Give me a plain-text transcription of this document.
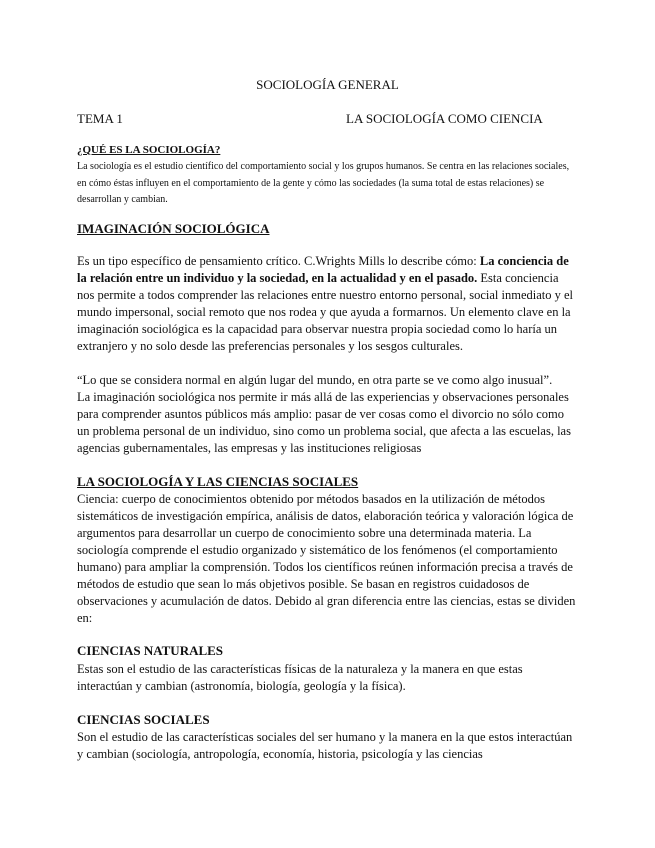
SOCIOLOGÍA GENERAL
TEMA 1	LA SOCIOLOGÍA COMO CIENCIA
¿QUÉ ES LA SOCIOLOGÍA?
La sociología es el estudio científico del comportamiento social y los grupos humanos. Se centra en las relaciones sociales, en cómo éstas influyen en el comportamiento de la gente y cómo las sociedades (la suma total de estas relaciones) se desarrollan y cambian.
IMAGINACIÓN SOCIOLÓGICA
Es un tipo específico de pensamiento crítico. C.Wrights Mills lo describe cómo: La conciencia de la relación entre un individuo y la sociedad, en la actualidad y en el pasado. Esta conciencia nos permite a todos comprender las relaciones entre nuestro entorno personal, social inmediato y el mundo impersonal, social remoto que nos rodea y que ayuda a formarnos. Un elemento clave en la imaginación sociológica es la capacidad para observar nuestra propia sociedad como lo haría un extranjero y no solo desde las preferencias personales y los sesgos culturales.
“Lo que se considera normal en algún lugar del mundo, en otra parte se ve como algo inusual”.
La imaginación sociológica nos permite ir más allá de las experiencias y observaciones personales para comprender asuntos públicos más amplio: pasar de ver cosas como el divorcio no sólo como un problema personal de un individuo, sino como un problema social, que afecta a las escuelas, las agencias gubernamentales, las empresas y las instituciones religiosas
LA SOCIOLOGÍA Y LAS CIENCIAS SOCIALES
Ciencia: cuerpo de conocimientos obtenido por métodos basados en la utilización de métodos sistemáticos de investigación empírica, análisis de datos, elaboración teórica y valoración lógica de argumentos para desarrollar un cuerpo de conocimiento sobre una determinada materia. La sociología comprende el estudio organizado y sistemático de los fenómenos (el comportamiento humano) para ampliar la comprensión. Todos los científicos reúnen información precisa a través de métodos de estudio que sean lo más objetivos posible. Se basan en registros cuidadosos de observaciones y acumulación de datos. Debido al gran diferencia entre las ciencias, estas se dividen en:
CIENCIAS NATURALES
Estas son el estudio de las características físicas de la naturaleza y la manera en que estas interactúan y cambian (astronomía, biología, geología y la física).
CIENCIAS SOCIALES
Son el estudio de las características sociales del ser humano y la manera en la que estos interactúan y cambian (sociología, antropología, economía, historia, psicología y las ciencias
